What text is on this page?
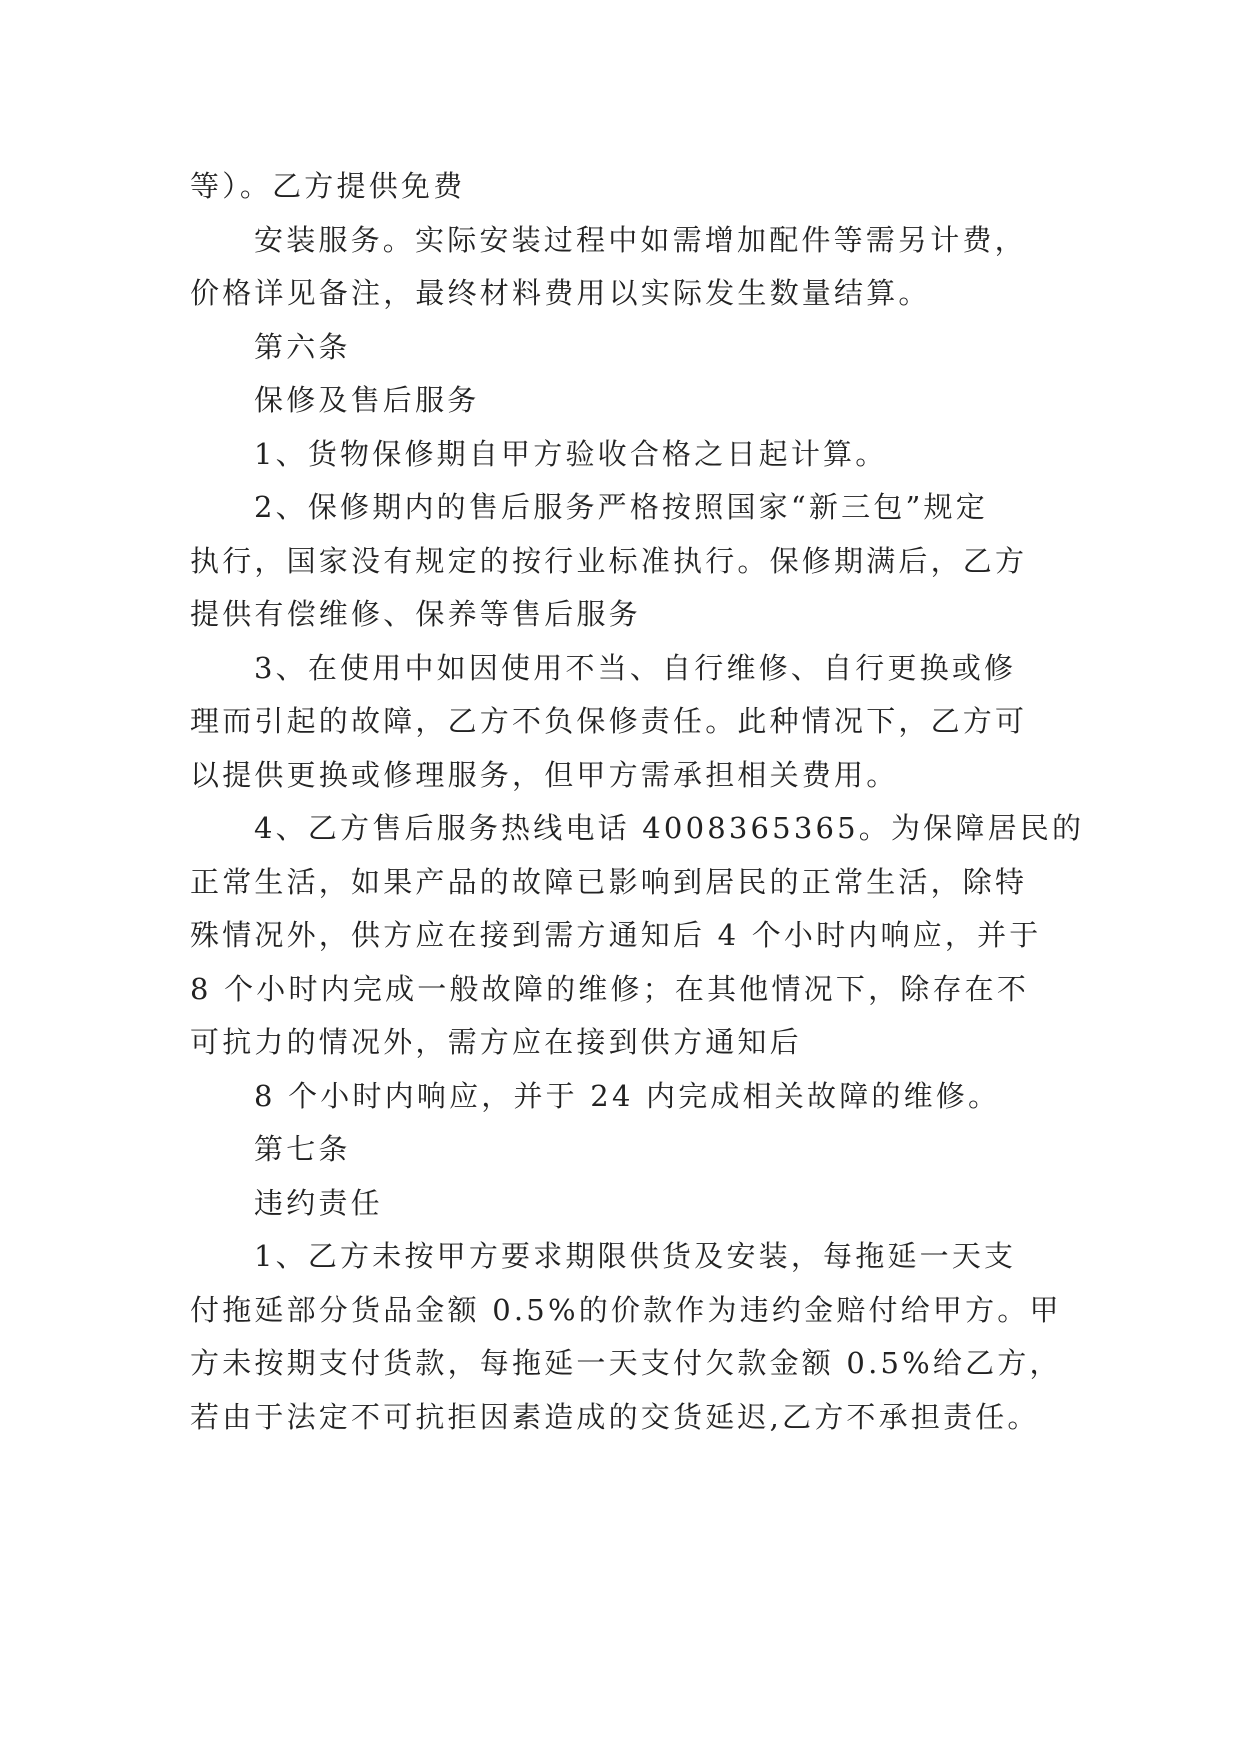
等）。乙方提供免费
安装服务。实际安装过程中如需增加配件等需另计费，
价格详见备注，最终材料费用以实际发生数量结算。
第六条
保修及售后服务
1、货物保修期自甲方验收合格之日起计算。
2、保修期内的售后服务严格按照国家“新三包”规定
执行，国家没有规定的按行业标准执行。保修期满后，乙方
提供有偿维修、保养等售后服务
3、在使用中如因使用不当、自行维修、自行更换或修
理而引起的故障，乙方不负保修责任。此种情况下，乙方可
以提供更换或修理服务，但甲方需承担相关费用。
4、乙方售后服务热线电话 4008365365。为保障居民的
正常生活，如果产品的故障已影响到居民的正常生活，除特
殊情况外，供方应在接到需方通知后 4 个小时内响应，并于
8 个小时内完成一般故障的维修；在其他情况下，除存在不
可抗力的情况外，需方应在接到供方通知后
8 个小时内响应，并于 24 内完成相关故障的维修。
第七条
违约责任
1、乙方未按甲方要求期限供货及安装，每拖延一天支
付拖延部分货品金额 0.5%的价款作为违约金赔付给甲方。甲
方未按期支付货款，每拖延一天支付欠款金额 0.5%给乙方，
若由于法定不可抗拒因素造成的交货延迟,乙方不承担责任。
